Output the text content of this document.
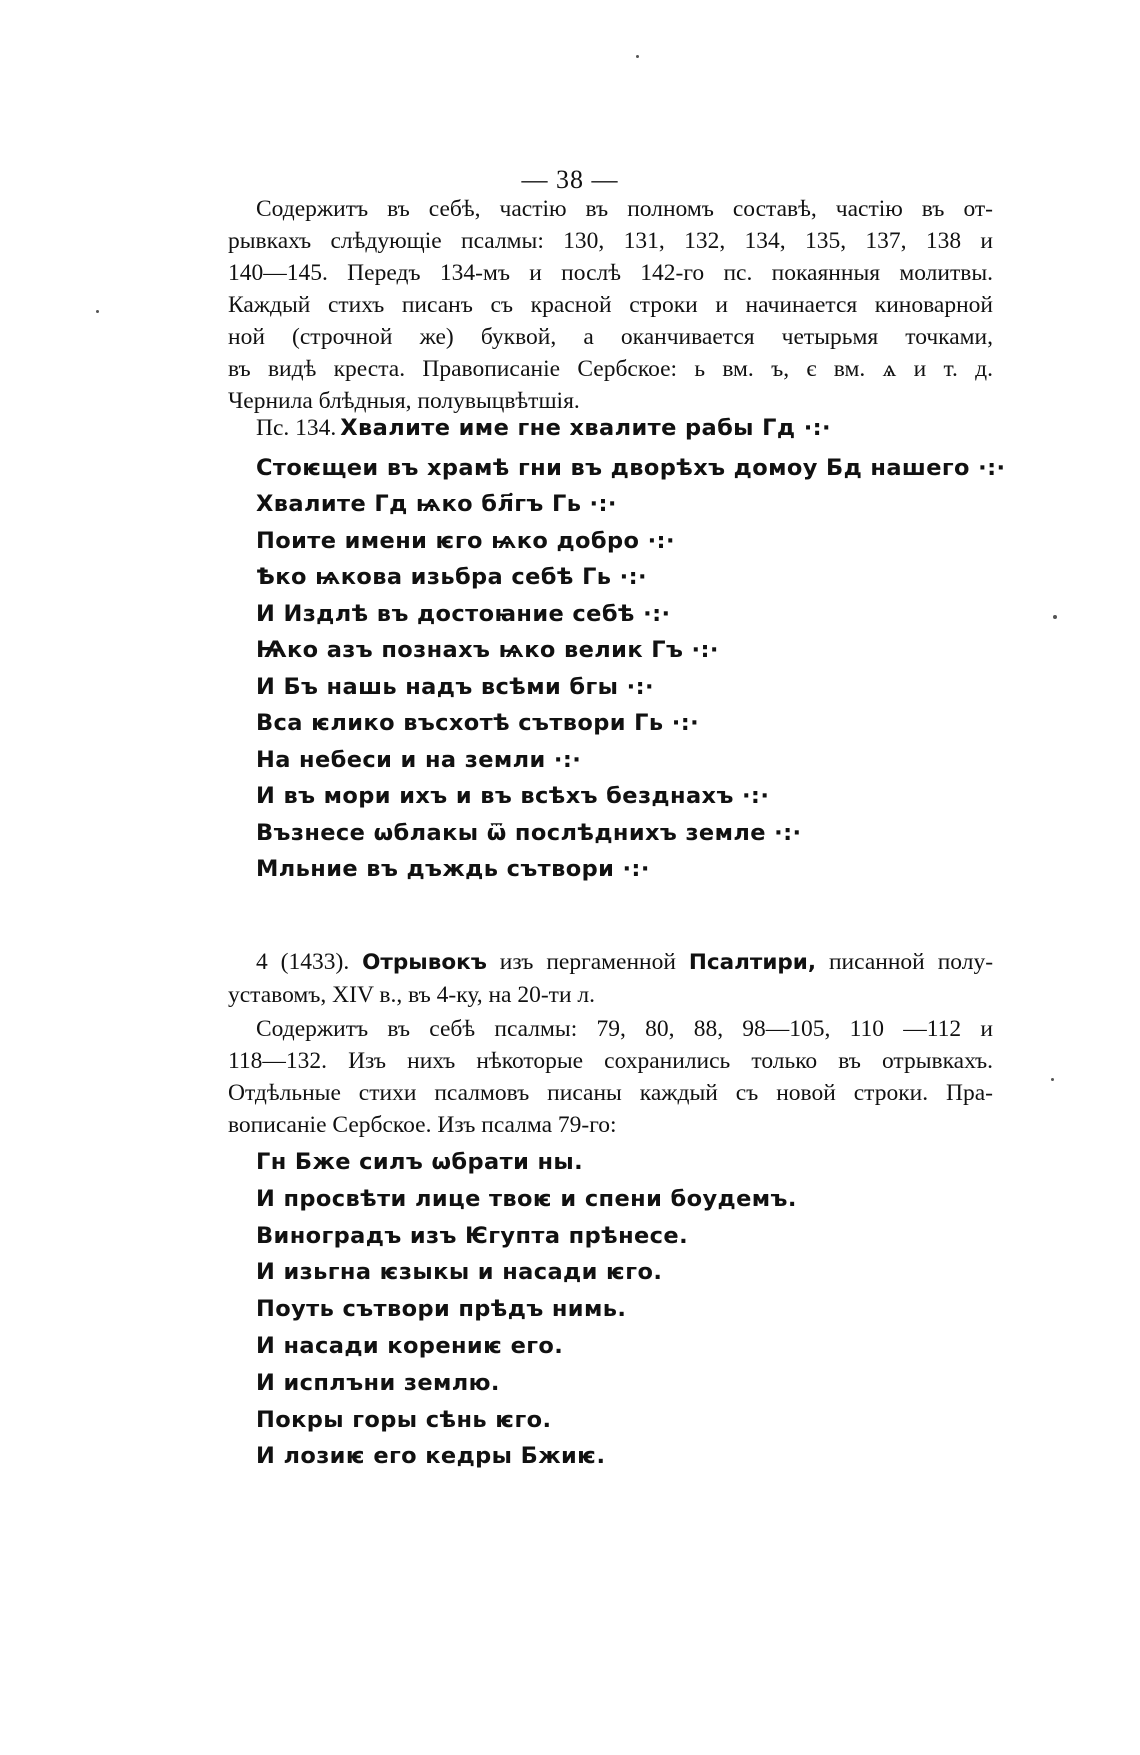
— 38 —

Содержитъ въ себѣ, частію въ полномъ составѣ, частію въ от-
рывкахъ слѣдующіе псалмы: 130, 131, 132, 134, 135, 137, 138 и
140—145. Передъ 134-мъ и послѣ 142-го пс. покаянныя молитвы.
Каждый стихъ писанъ съ красной строки и начинается киноварной
ной (строчной же) буквой, а оканчивается четырьмя точками,
въ видѣ креста. Правописаніе Сербское: ь вм. ъ, є вм. ѧ и т. д.
Чернила блѣдныя, полувыцвѣтшія.

Пс. 134. Хвалите име гне хвалите рабы Гд ·:·
Стоѥщеи въ храмѣ гни въ дворѣхъ домоу Бд нашего ·:·
Хвалите Гд ѩко бл҃гъ Гь ·:·
Поите имени ѥго ѩко добро ·:·
Ѣко ѩкова изьбра себѣ Гь ·:·
И Издлѣ въ достоꙗние себѣ ·:·
Ѩко азъ познахъ ѩко велик Гъ ·:·
И Бъ нашь надъ всѣми бгы ·:·
Вса ѥлико въсхотѣ сътвори Гь ·:·
На небеси и на земли ·:·
И въ мори ихъ и въ всѣхъ безднахъ ·:·
Възнесе ѡблакы ѿ послѣднихъ земле ·:·
Мльние въ дъждь сътвори ·:·

4 (1433). Отрывокъ изъ пергаменной Псалтири, писанной полу-
уставомъ, XIV в., въ 4-ку, на 20-ти л.

Содержитъ въ себѣ псалмы: 79, 80, 88, 98—105, 110 —112 и
118—132. Изъ нихъ нѣкоторые сохранились только въ отрывкахъ.
Отдѣльные стихи псалмовъ писаны каждый съ новой строки. Пра-
вописаніе Сербское. Изъ псалма 79-го:

Гн Бже силъ ѡбрати ны.
И просвѣти лице твоѥ и спени боудемъ.
Виноградъ изъ Ѥгупта прѣнесе.
И изьгна ѥзыкы и насади ѥго.
Поуть сътвори прѣдъ нимь.
И насади корениѥ его.
И исплъни землю.
Покры горы сѣнь ѥго.
И лозиѥ его кедры Бжиѥ.
